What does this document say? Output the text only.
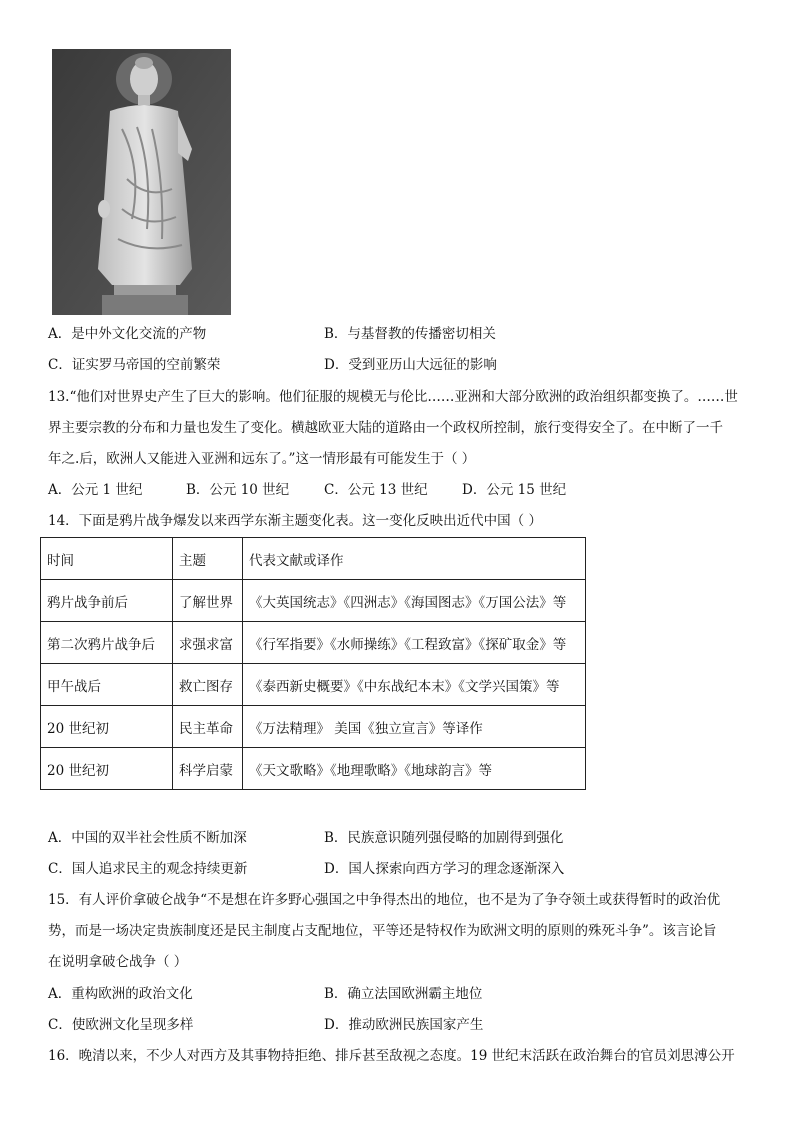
A．是中外文化交流的产物	B．与基督教的传播密切相关
C．证实罗马帝国的空前繁荣	D．受到亚历山大远征的影响
13.“他们对世界史产生了巨大的影响。他们征服的规模无与伦比……亚洲和大部分欧洲的政治组织都变换了。……世
界主要宗教的分布和力量也发生了变化。横越欧亚大陆的道路由一个政权所控制，旅行变得安全了。在中断了一千
年之.后，欧洲人又能进入亚洲和远东了。”这一情形最有可能发生于（ ）
A．公元 1 世纪	B．公元 10 世纪	C．公元 13 世纪	D．公元 15 世纪
14．下面是鸦片战争爆发以来西学东渐主题变化表。这一变化反映出近代中国（ ）
时间	主题	代表文献或译作
鸦片战争前后	了解世界	《大英国统志》《四洲志》《海国图志》《万国公法》等
第二次鸦片战争后	求强求富	《行军指要》《水师操练》《工程致富》《探矿取金》等
甲午战后	救亡图存	《泰西新史概要》《中东战纪本末》《文学兴国策》等
20 世纪初	民主革命	《万法精理》 美国《独立宣言》等译作
20 世纪初	科学启蒙	《天文歌略》《地理歌略》《地球韵言》等
A．中国的双半社会性质不断加深	B．民族意识随列强侵略的加剧得到强化
C．国人追求民主的观念持续更新	D．国人探索向西方学习的理念逐渐深入
15．有人评价拿破仑战争“不是想在许多野心强国之中争得杰出的地位，也不是为了争夺领土或获得暂时的政治优
势，而是一场决定贵族制度还是民主制度占支配地位，平等还是特权作为欧洲文明的原则的殊死斗争”。该言论旨
在说明拿破仑战争（ ）
A．重构欧洲的政治文化	B．确立法国欧洲霸主地位
C．使欧洲文化呈现多样	D．推动欧洲民族国家产生
16．晚清以来，不少人对西方及其事物持拒绝、排斥甚至敌视之态度。19 世纪末活跃在政治舞台的官员刘思溥公开
